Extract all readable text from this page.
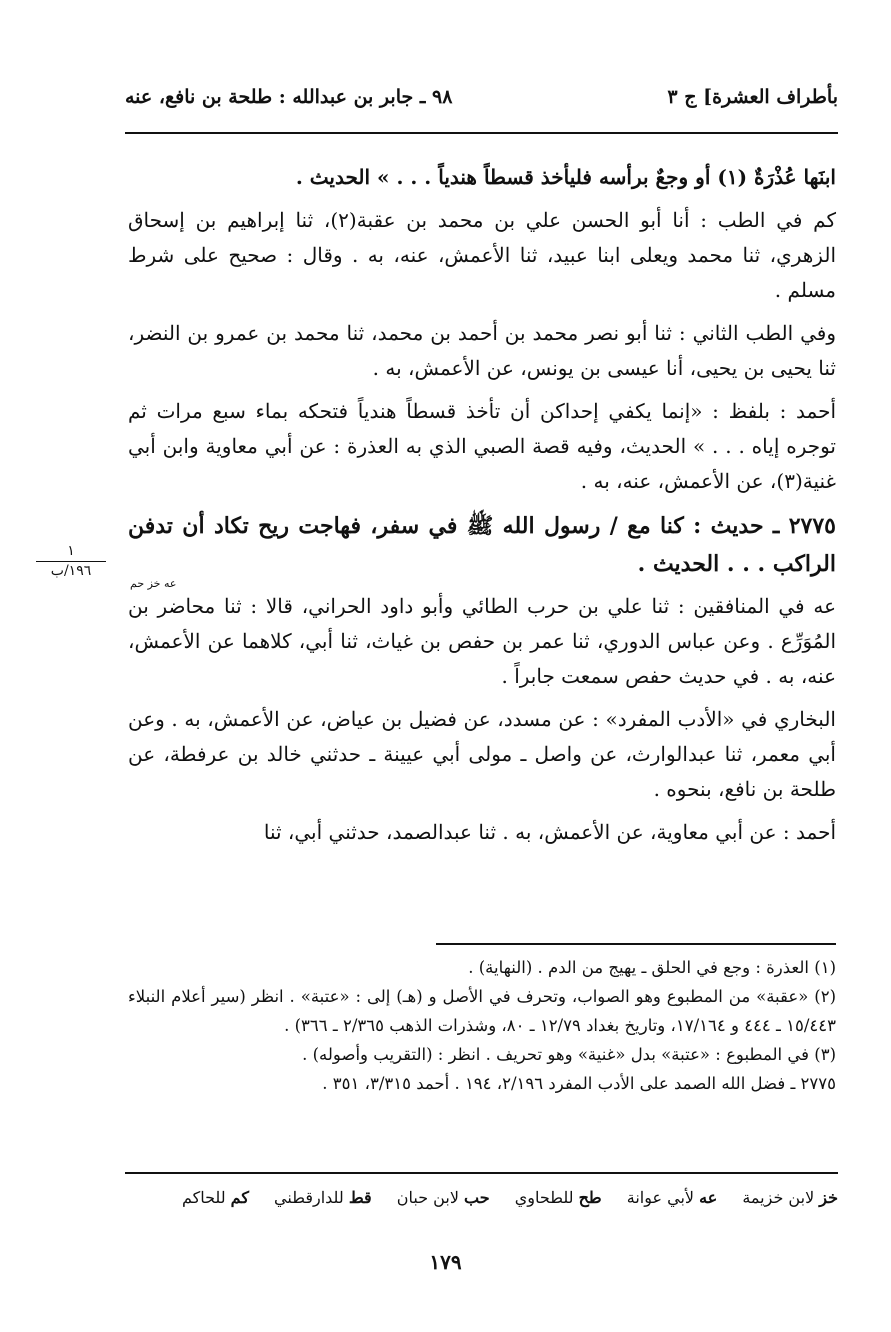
بأطراف العشرة] ج ٣
٩٨ ـ جابر بن عبدالله : طلحة بن نافع، عنه
١
١٩٦/ب

ابنَها عُذْرَةٌ (١) أو وجعٌ برأسه فليأخذ قسطاً هندياً . . . » الحديث .

كم في الطب : أنا أبو الحسن علي بن محمد بن عقبة(٢)، ثنا إبراهيم بن إسحاق الزهري، ثنا محمد ويعلى ابنا عبيد، ثنا الأعمش، عنه، به . وقال : صحيح على شرط مسلم .

وفي الطب الثاني : ثنا أبو نصر محمد بن أحمد بن محمد، ثنا محمد بن عمرو بن النضر، ثنا يحيى بن يحيى، أنا عيسى بن يونس، عن الأعمش، به .

أحمد : بلفظ : «إنما يكفي إحداكن أن تأخذ قسطاً هندياً فتحكه بماء سبع مرات ثم توجره إياه . . . » الحديث، وفيه قصة الصبي الذي به العذرة : عن أبي معاوية وابن أبي غنية(٣)، عن الأعمش، عنه، به .

٢٧٧٥ ـ حديث : كنا مع / رسول الله ﷺ في سفر، فهاجت ريح تكاد أن تدفن الراكب . . . الحديث .

عه في المنافقين : ثنا علي بن حرب الطائي وأبو داود الحراني، قالا : ثنا محاضر بن المُوَرِّع . وعن عباس الدوري، ثنا عمر بن حفص بن غياث، ثنا أبي، كلاهما عن الأعمش، عنه، به . في حديث حفص سمعت جابراً .

البخاري في «الأدب المفرد» : عن مسدد، عن فضيل بن عياض، عن الأعمش، به . وعن أبي معمر، ثنا عبدالوارث، عن واصل ـ مولى أبي عيينة ـ حدثني خالد بن عرفطة، عن طلحة بن نافع، بنحوه .

أحمد : عن أبي معاوية، عن الأعمش، به . ثنا عبدالصمد، حدثني أبي، ثنا

عه خز حم

(١) العذرة : وجع في الحلق ـ يهيج من الدم . (النهاية) .

(٢) «عقبة» من المطبوع وهو الصواب، وتحرف في الأصل و (هـ) إلى : «عتبة» . انظر (سير أعلام النبلاء ١٥/٤٤٣ ـ ٤٤٤ و ١٧/١٦٤، وتاريخ بغداد ١٢/٧٩ ـ ٨٠، وشذرات الذهب ٢/٣٦٥ ـ ٣٦٦) .

(٣) في المطبوع : «عتبة» بدل «غنية» وهو تحريف . انظر : (التقريب وأصوله) .

٢٧٧٥ ـ فضل الله الصمد على الأدب المفرد ٢/١٩٦، ١٩٤ . أحمد ٣/٣١٥، ٣٥١ .

خز لابن خزيمة عه لأبي عوانة طح للطحاوي حب لابن حبان قط للدارقطني كم للحاكم
١٧٩
